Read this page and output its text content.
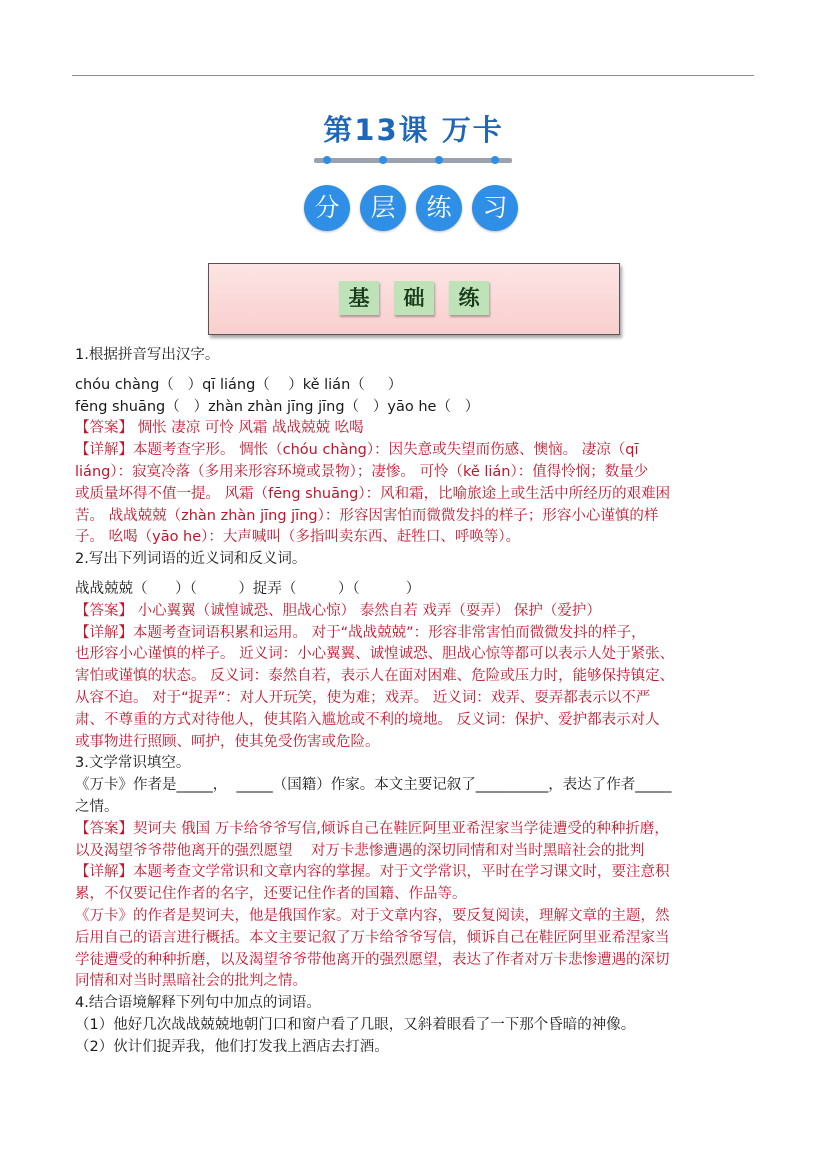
第13课 万卡
分	层	练	习
基	础	练
1.根据拼音写出汉字。
chóu chàng（   ）qī liáng（    ）kě lián（     ）
fēng shuāng（   ）zhàn zhàn jīng jīng（   ）yāo he（   ）
【答案】 惆怅 凄凉 可怜 风霜 战战兢兢 吆喝
【详解】本题考查字形。 惆怅（chóu chàng）：因失意或失望而伤感、懊恼。 凄凉（qī
liáng）：寂寞冷落（多用来形容环境或景物）；凄惨。 可怜（kě lián）：值得怜悯；数量少
或质量坏得不值一提。 风霜（fēng shuāng）：风和霜，比喻旅途上或生活中所经历的艰难困
苦。 战战兢兢（zhàn zhàn jīng jīng）：形容因害怕而微微发抖的样子；形容小心谨慎的样
子。 吆喝（yāo he）：大声喊叫（多指叫卖东西、赶牲口、呼唤等）。
2.写出下列词语的近义词和反义词。
战战兢兢（      ）（         ）捉弄（         ）（          ）
【答案】 小心翼翼（诚惶诚恐、胆战心惊） 泰然自若 戏弄（耍弄） 保护（爱护）
【详解】本题考查词语积累和运用。 对于“战战兢兢”：形容非常害怕而微微发抖的样子，
也形容小心谨慎的样子。 近义词：小心翼翼、诚惶诚恐、胆战心惊等都可以表示人处于紧张、
害怕或谨慎的状态。 反义词：泰然自若，表示人在面对困难、危险或压力时，能够保持镇定、
从容不迫。 对于“捉弄”：对人开玩笑，使为难；戏弄。 近义词：戏弄、耍弄都表示以不严
肃、不尊重的方式对待他人，使其陷入尴尬或不利的境地。 反义词：保护、爱护都表示对人
或事物进行照顾、呵护，使其免受伤害或危险。
3.文学常识填空。
《万卡》作者是_____，  _____（国籍）作家。本文主要记叙了__________，表达了作者_____
之情。
【答案】契诃夫 俄国 万卡给爷爷写信,倾诉自己在鞋匠阿里亚希涅家当学徒遭受的种种折磨，
以及渴望爷爷带他离开的强烈愿望    对万卡悲惨遭遇的深切同情和对当时黑暗社会的批判
【详解】本题考查文学常识和文章内容的掌握。对于文学常识，平时在学习课文时，要注意积
累，不仅要记住作者的名字，还要记住作者的国籍、作品等。
《万卡》的作者是契诃夫，他是俄国作家。对于文章内容，要反复阅读，理解文章的主题，然
后用自己的语言进行概括。本文主要记叙了万卡给爷爷写信，倾诉自己在鞋匠阿里亚希涅家当
学徒遭受的种种折磨，以及渴望爷爷带他离开的强烈愿望，表达了作者对万卡悲惨遭遇的深切
同情和对当时黑暗社会的批判之情。
4.结合语境解释下列句中加点的词语。
（1）他好几次战战兢兢地朝门口和窗户看了几眼，又斜着眼看了一下那个昏暗的神像。
（2）伙计们捉弄我，他们打发我上酒店去打酒。
